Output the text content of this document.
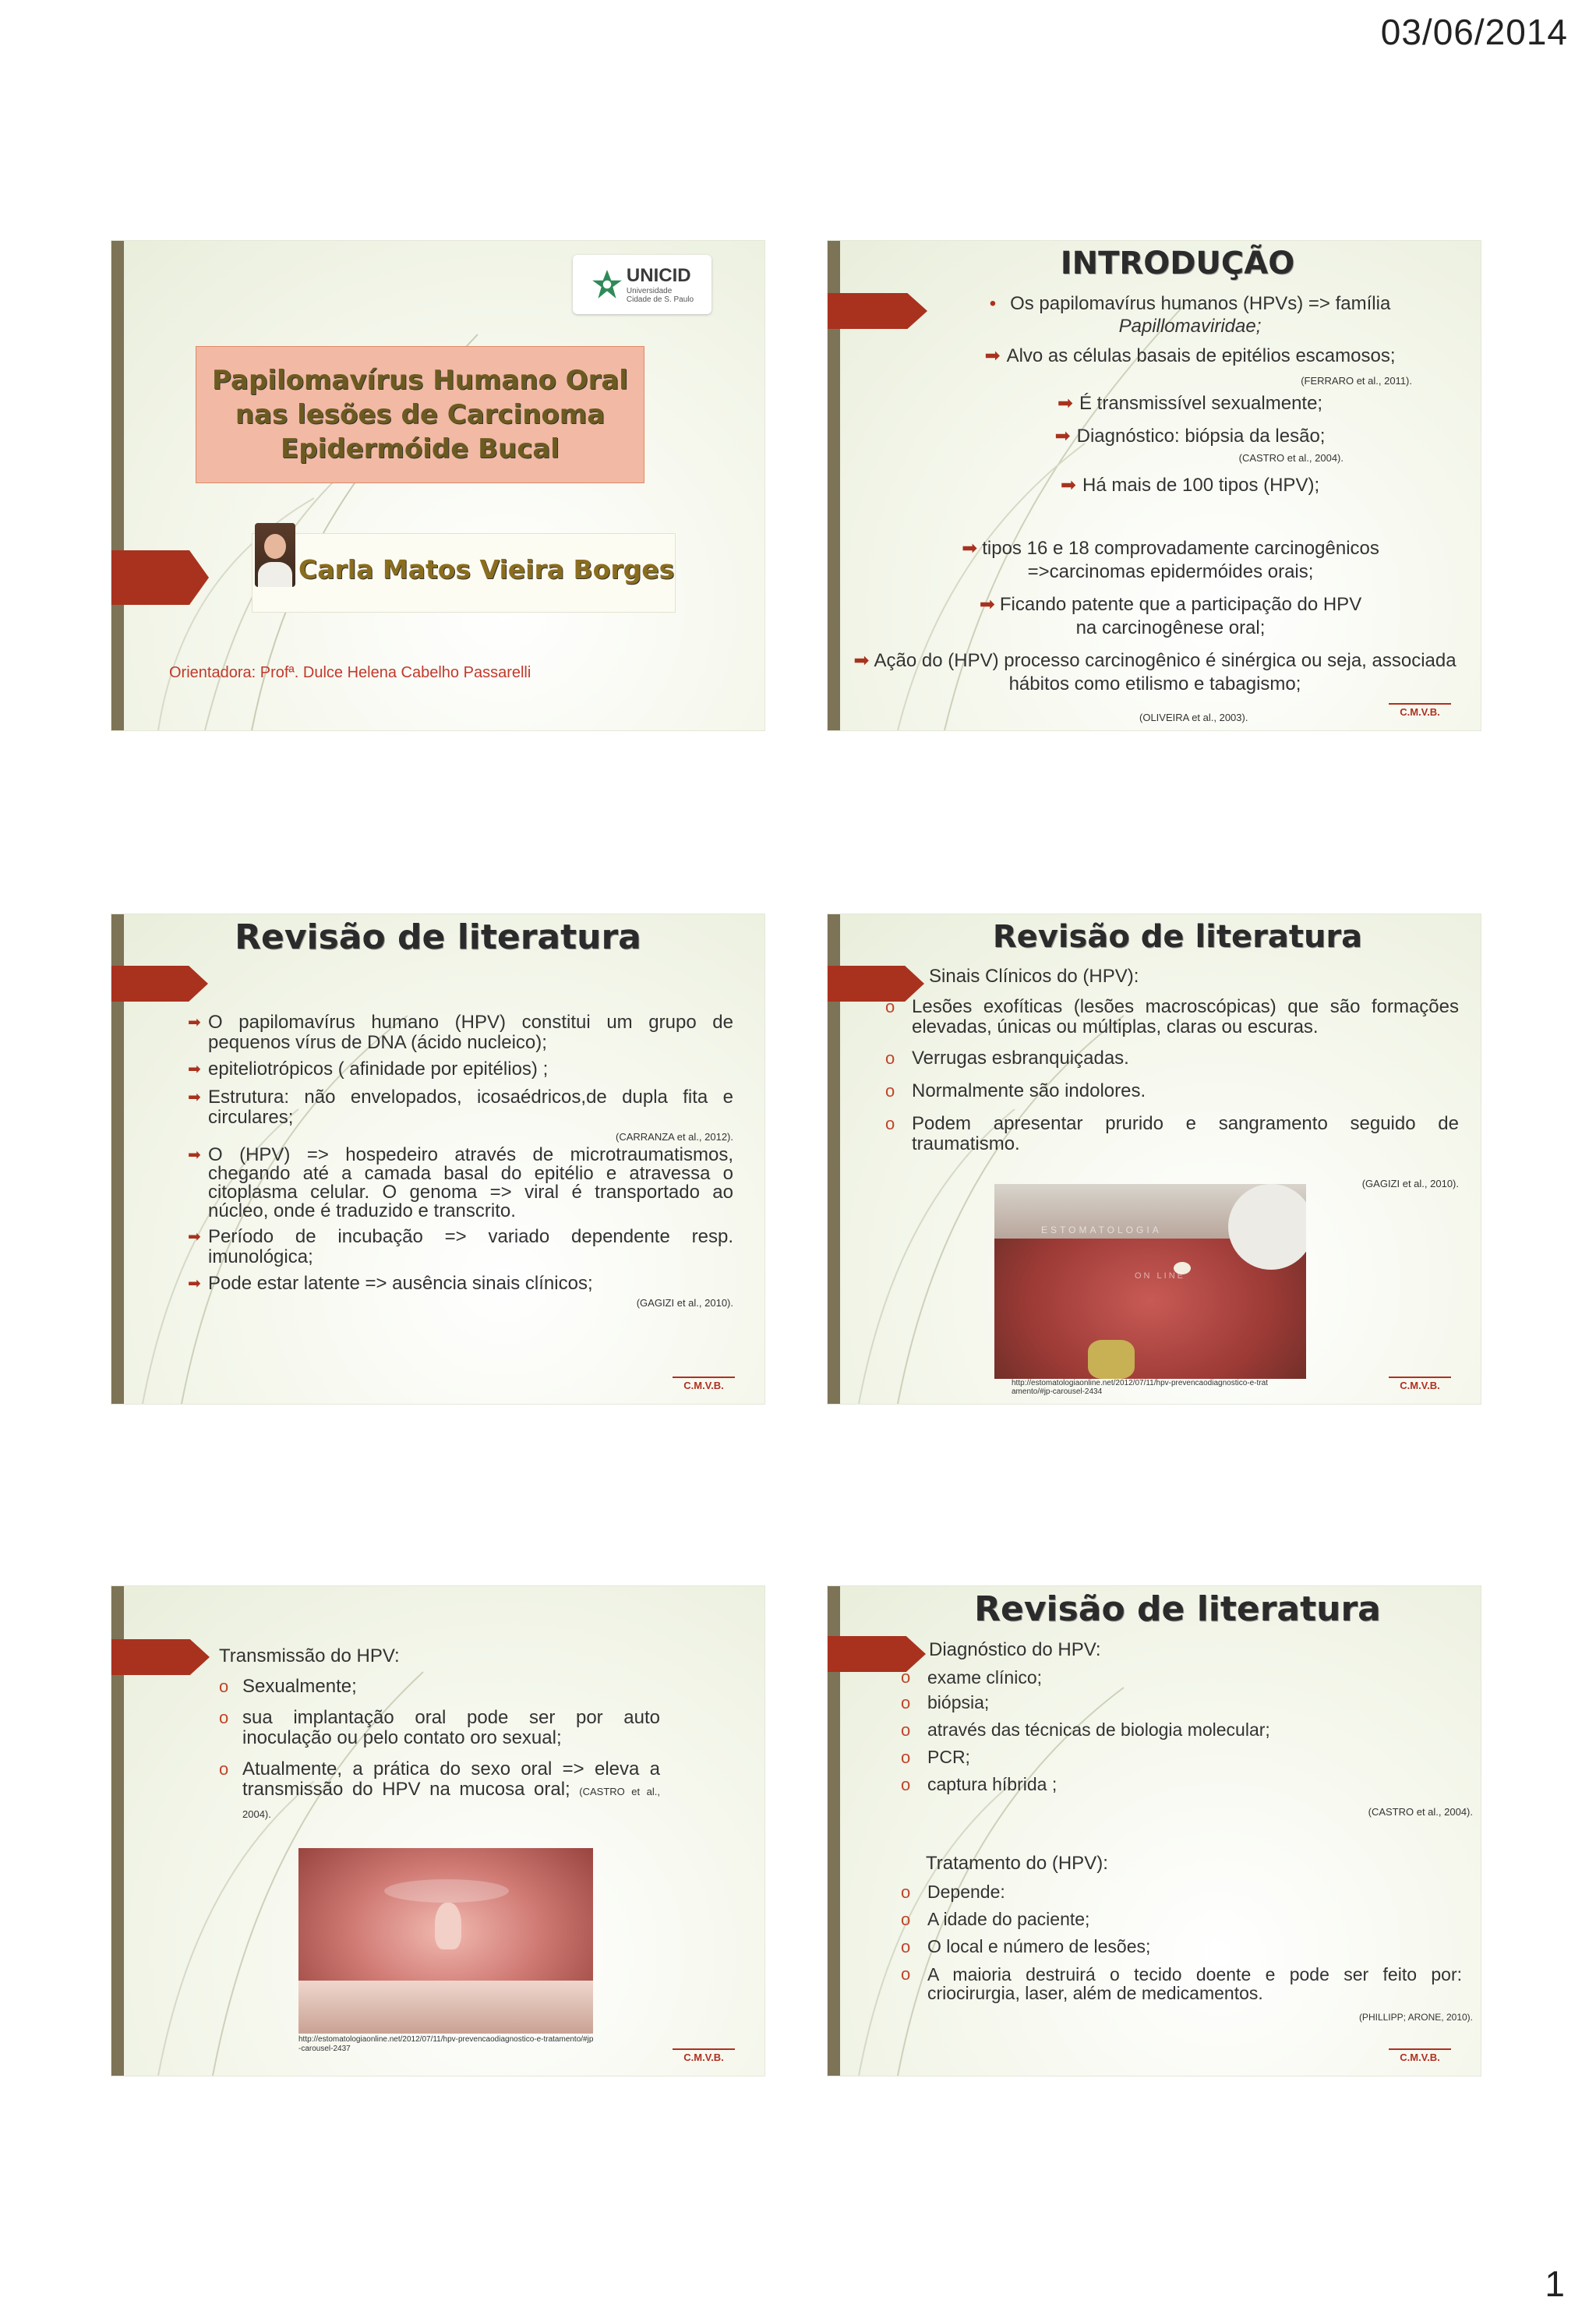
03/06/2014
UNICID
Universidade
Cidade de S. Paulo
Papilomavírus Humano Oral nas lesões de Carcinoma Epidermóide Bucal
Carla Matos Vieira Borges
Orientadora: Profª. Dulce Helena Cabelho Passarelli
INTRODUÇÃO
• Os papilomavírus humanos (HPVs) => família
Papillomaviridae;
➡ Alvo as células basais de epitélios escamosos;
(FERRARO et al., 2011).
➡ É transmissível sexualmente;
➡ Diagnóstico: biópsia da lesão;
(CASTRO et al., 2004).
➡ Há mais de 100 tipos (HPV);
➡ tipos 16 e 18 comprovadamente carcinogênicos =>carcinomas epidermóides orais;
➡ Ficando patente que a participação do HPV na carcinogênese oral;
➡ Ação do (HPV) processo carcinogênico é sinérgica ou seja, associada hábitos como etilismo e tabagismo;
(OLIVEIRA et al., 2003).	C.M.V.B.
Revisão de literatura
➡ O papilomavírus humano (HPV) constitui um grupo de pequenos vírus de DNA (ácido nucleico);
➡ epiteliotrópicos ( afinidade por epitélios) ;
➡ Estrutura: não envelopados, icosaédricos,de dupla fita e circulares;
(CARRANZA et al., 2012).
➡ O (HPV) => hospedeiro através de microtraumatismos, chegando até a camada basal do epitélio e atravessa o citoplasma celular. O genoma => viral é transportado ao núcleo, onde é traduzido e transcrito.
➡ Período de incubação => variado dependente resp. imunológica;
➡ Pode estar latente => ausência sinais clínicos;
(GAGIZI et al., 2010).
C.M.V.B.
Revisão de literatura
Sinais Clínicos do (HPV):
o Lesões exofíticas (lesões macroscópicas) que são formações elevadas, únicas ou múltiplas, claras ou escuras.
o Verrugas esbranquiçadas.
o Normalmente são indolores.
o Podem apresentar prurido e sangramento seguido de traumatismo.
(GAGIZI et al., 2010).
ESTOMATOLOGIA
ON LINE
http://estomatologiaonline.net/2012/07/11/hpv-prevencaodiagnostico-e-tratamento/#jp-carousel-2434
C.M.V.B.
Transmissão do HPV:
o Sexualmente;
o sua implantação oral pode ser por auto inoculação ou pelo contato oro sexual;
o Atualmente, a prática do sexo oral => eleva a transmissão do HPV na mucosa oral; (CASTRO et al., 2004).
http://estomatologiaonline.net/2012/07/11/hpv-prevencaodiagnostico-e-tratamento/#jp-carousel-2437
C.M.V.B.
Revisão de literatura
Diagnóstico do HPV:
o exame clínico;
o biópsia;
o através das técnicas de biologia molecular;
o PCR;
o captura híbrida ;
(CASTRO et al., 2004).
Tratamento do (HPV):
o Depende:
o A idade do paciente;
o O local e número de lesões;
o A maioria destruirá o tecido doente e pode ser feito por: criocirurgia, laser, além de medicamentos.
(PHILLIPP; ARONE, 2010).
C.M.V.B.
1
